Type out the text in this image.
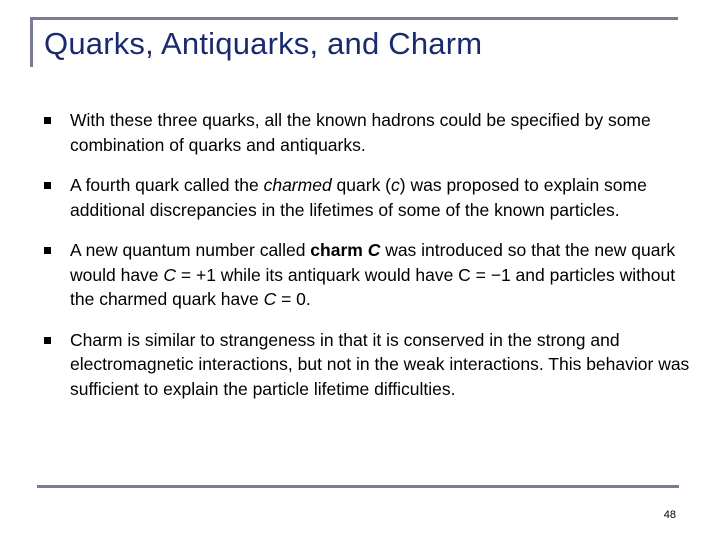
Quarks, Antiquarks, and Charm
With these three quarks, all the known hadrons could be specified by some combination of quarks and antiquarks.
A fourth quark called the charmed quark (c) was proposed to explain some additional discrepancies in the lifetimes of some of the known particles.
A new quantum number called charm C was introduced so that the new quark would have C = +1 while its antiquark would have C = −1 and particles without the charmed quark have C = 0.
Charm is similar to strangeness in that it is conserved in the strong and electromagnetic interactions, but not in the weak interactions. This behavior was sufficient to explain the particle lifetime difficulties.
48
